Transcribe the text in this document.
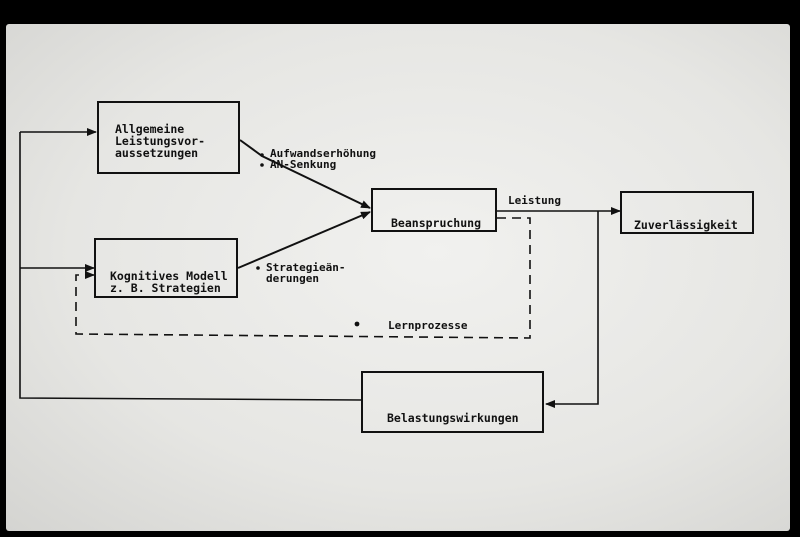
Allgemeine
Leistungsvor-
aussetzungen

Kognitives Modell
z. B. Strategien

Beanspruchung	Zuverlässigkeit

Belastungswirkungen

Aufwandserhöhung
AN-Senkung
Strategieän-
derungen
Leistung
Lernprozesse
